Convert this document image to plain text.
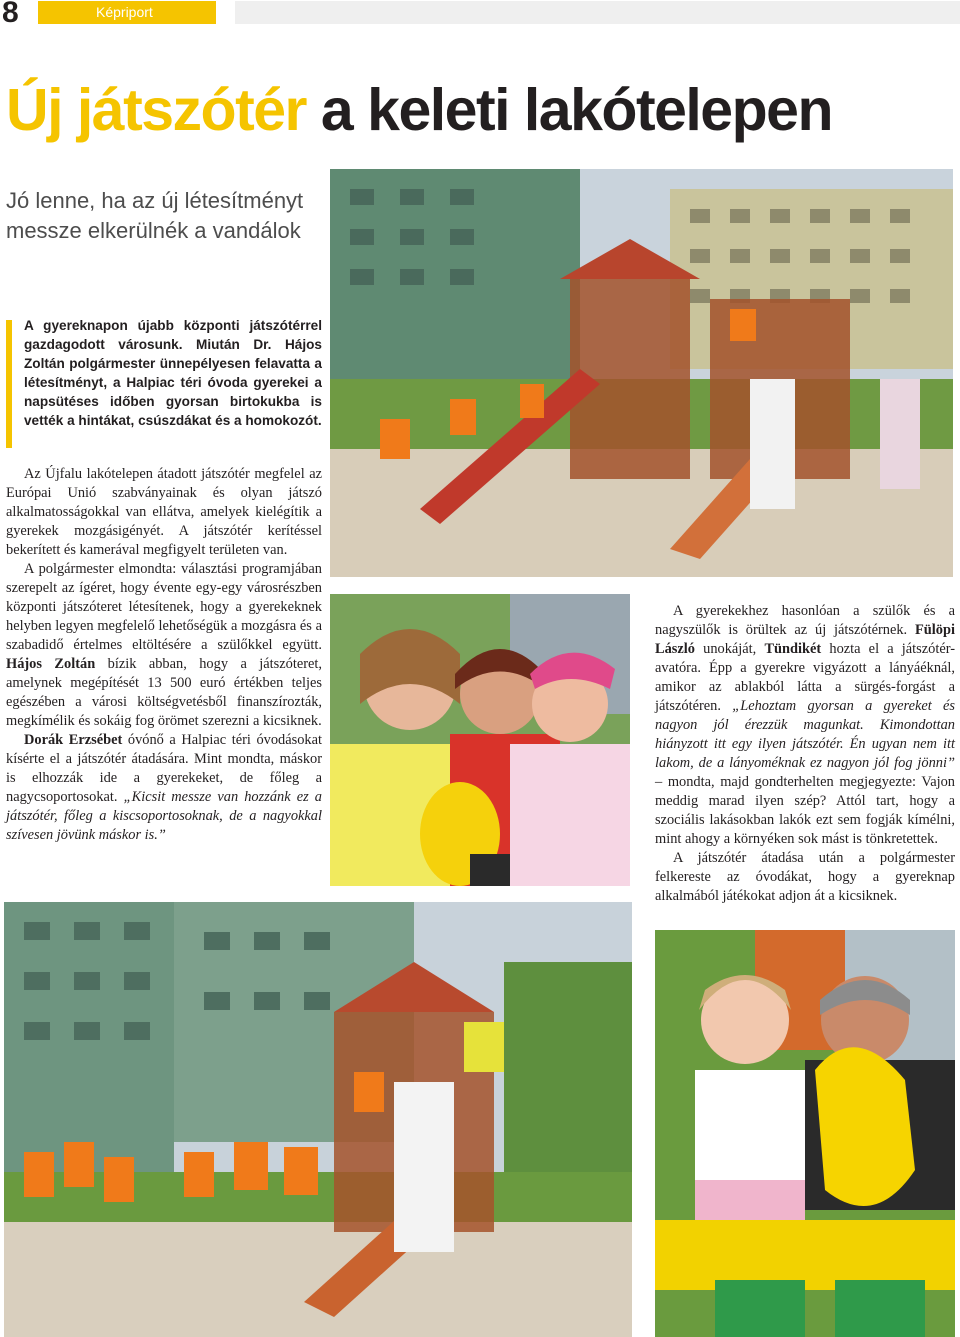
8	Képriport
Új játszótér a keleti lakótelepen
Jó lenne, ha az új létesítményt messze elkerülnék a vandálok
A gyereknapon újabb központi játszótérrel gazdagodott városunk. Miután Dr. Hájos Zoltán polgármester ünnepélyesen felavatta a létesítményt, a Halpiac téri óvoda gyerekei a napsütéses időben gyorsan birtokukba is vették a hintákat, csúszdákat és a homokozót.

Az Újfalu lakótelepen átadott játszótér megfelel az Európai Unió szabványainak és olyan játszó alkalmatosságokkal van ellátva, amelyek kielégítik a gyerekek mozgásigényét. A játszótér kerítéssel bekerített és kamerával megfigyelt területen van.

A polgármester elmondta: választási programjában szerepelt az ígéret, hogy évente egy-egy városrészben központi játszóteret létesítenek, hogy a gyerekeknek helyben legyen megfelelő lehetőségük a mozgásra és a szabadidő értelmes eltöltésére a szülőkkel együtt. Hájos Zoltán bízik abban, hogy a játszóteret, amelynek megépítését 13 500 euró értékben teljes egészében a városi költségvetésből finanszírozták, megkímélik és sokáig fog örömet szerezni a kicsiknek.

Dorák Erzsébet óvónő a Halpiac téri óvodásokat kísérte el a játszótér átadására. Mint mondta, máskor is elhozzák ide a gyerekeket, de főleg a nagycsoportosokat. „Kicsit messze van hozzánk ez a játszótér, főleg a kiscsoportosoknak, de a nagyokkal szívesen jövünk máskor is.”

A gyerekekhez hasonlóan a szülők és a nagyszülők is örültek az új játszótérnek. Fülöpi László unokáját, Tündikét hozta el a játszótér-avatóra. Épp a gyerekre vigyázott a lányáéknál, amikor az ablakból látta a sürgés-forgást a játszótéren. „Lehoztam gyorsan a gyereket és nagyon jól érezzük magunkat. Kimondottan hiányzott itt egy ilyen játszótér. Én ugyan nem itt lakom, de a lányoméknak ez nagyon jól fog jönni” – mondta, majd gondterhelten megjegyezte: Vajon meddig marad ilyen szép? Attól tart, hogy a szociális lakásokban lakók ezt sem fogják kímélni, mint ahogy a környéken sok mást is tönkretettek.

A játszótér átadása után a polgármester felkereste az óvodákat, hogy a gyereknap alkalmából játékokat adjon át a kicsiknek.
